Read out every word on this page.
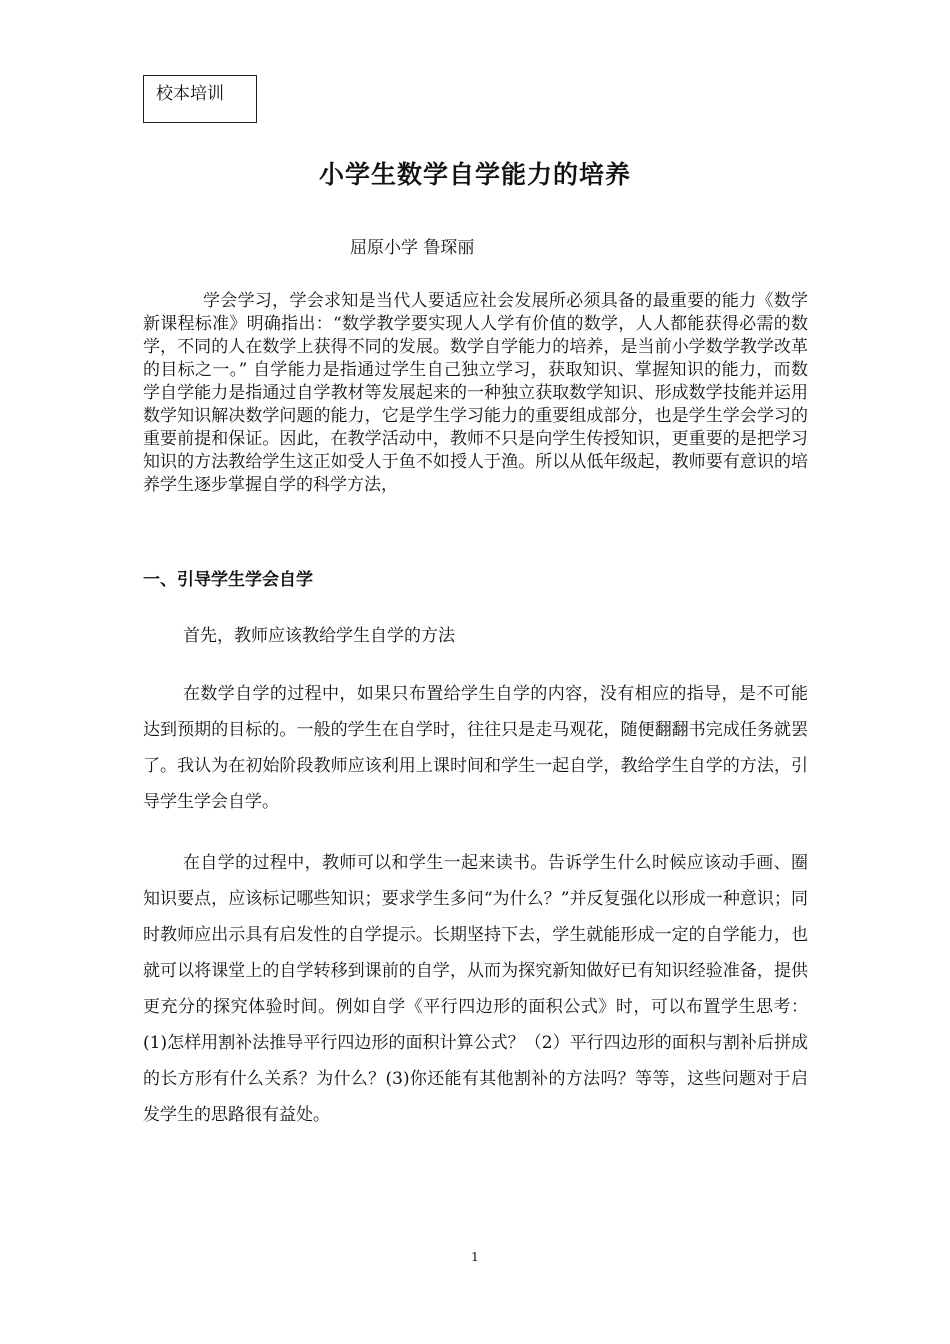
校本培训
小学生数学自学能力的培养
屈原小学 鲁琛丽

学会学习，学会求知是当代人要适应社会发展所必须具备的最重要的能力《数学新课程标准》明确指出：“数学教学要实现人人学有价值的数学，人人都能获得必需的数学，不同的人在数学上获得不同的发展。数学自学能力的培养，是当前小学数学教学改革的目标之一。” 自学能力是指通过学生自己独立学习，获取知识、掌握知识的能力，而数学自学能力是指通过自学教材等发展起来的一种独立获取数学知识、形成数学技能并运用数学知识解决数学问题的能力，它是学生学习能力的重要组成部分，也是学生学会学习的重要前提和保证。因此，在教学活动中，教师不只是向学生传授知识，更重要的是把学习知识的方法教给学生这正如受人于鱼不如授人于渔。所以从低年级起，教师要有意识的培养学生逐步掌握自学的科学方法，

一、引导学生学会自学
首先，教师应该教给学生自学的方法

在数学自学的过程中，如果只布置给学生自学的内容，没有相应的指导，是不可能达到预期的目标的。一般的学生在自学时，往往只是走马观花，随便翻翻书完成任务就罢了。我认为在初始阶段教师应该利用上课时间和学生一起自学，教给学生自学的方法，引导学生学会自学。

在自学的过程中，教师可以和学生一起来读书。告诉学生什么时候应该动手画、圈知识要点，应该标记哪些知识；要求学生多问“为什么？”并反复强化以形成一种意识；同时教师应出示具有启发性的自学提示。长期坚持下去，学生就能形成一定的自学能力，也就可以将课堂上的自学转移到课前的自学，从而为探究新知做好已有知识经验准备，提供更充分的探究体验时间。例如自学《平行四边形的面积公式》时，可以布置学生思考：(1)怎样用割补法推导平行四边形的面积计算公式？（2）平行四边形的面积与割补后拼成的长方形有什么关系？为什么？(3)你还能有其他割补的方法吗？等等，这些问题对于启发学生的思路很有益处。

1
